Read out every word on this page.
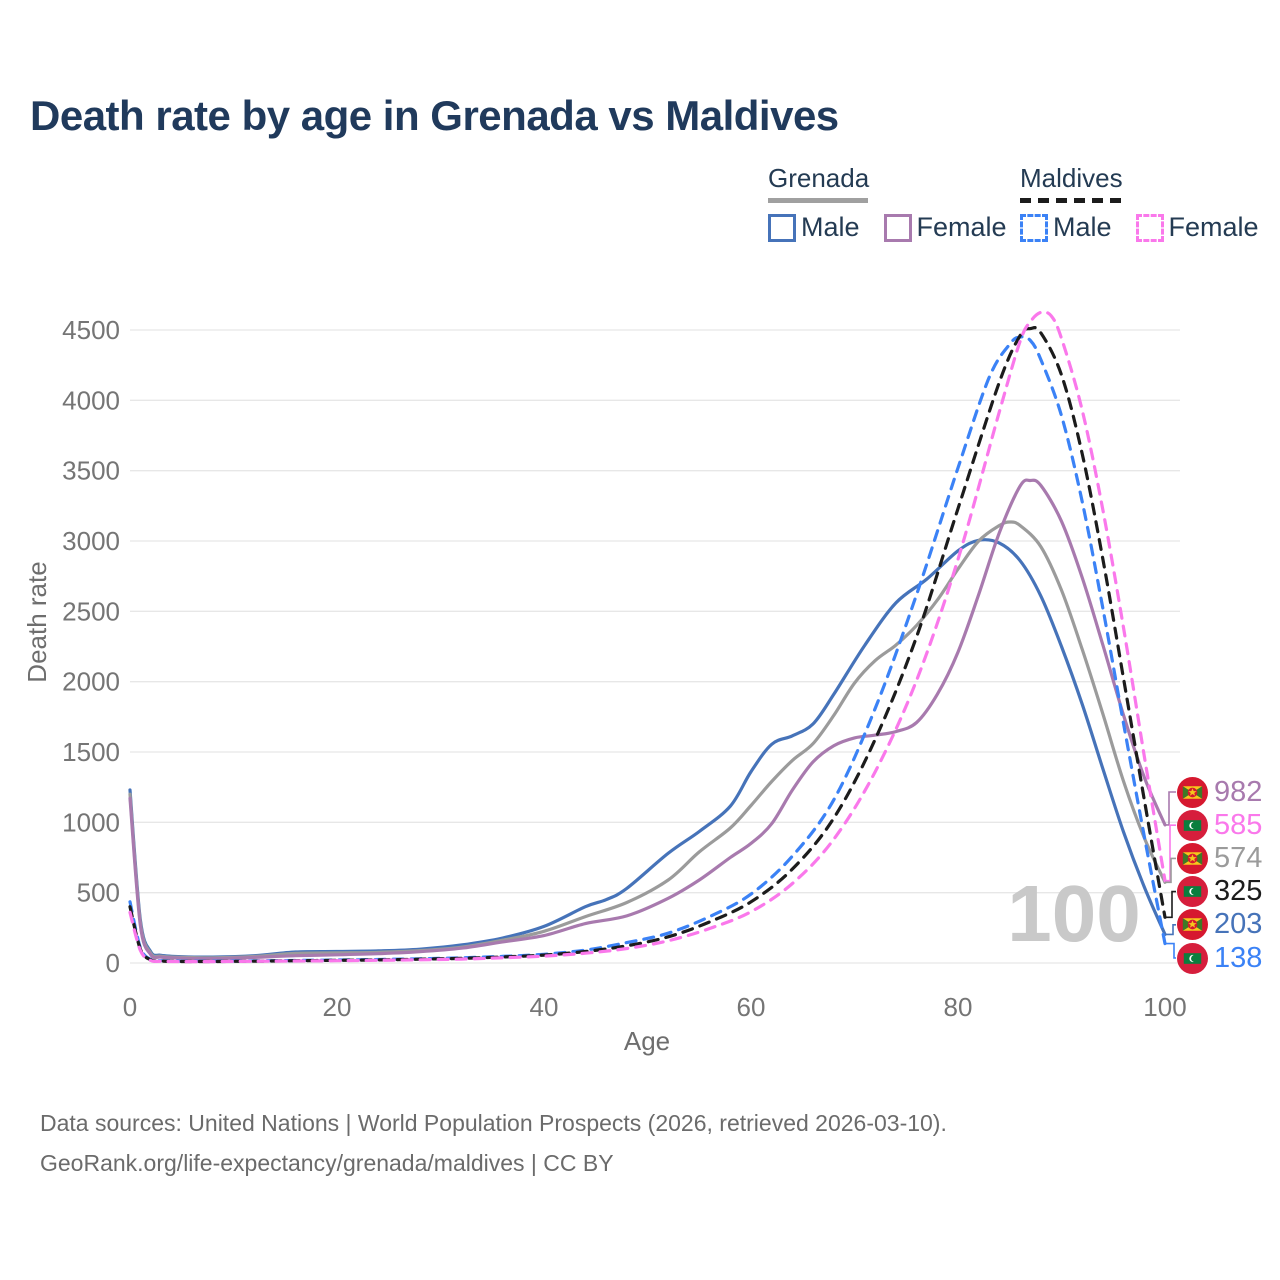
Death rate by age in Grenada vs Maldives
Grenada
Male Female
Maldives
Male Female
0
500
1000
1500
2000
2500
3000
3500
4000
4500
0	20	40	60	80	100
100
Death rate
Age
982
585
574
325
203
138
Data sources: United Nations | World Population Prospects (2026, retrieved 2026-03-10).
GeoRank.org/life-expectancy/grenada/maldives | CC BY
